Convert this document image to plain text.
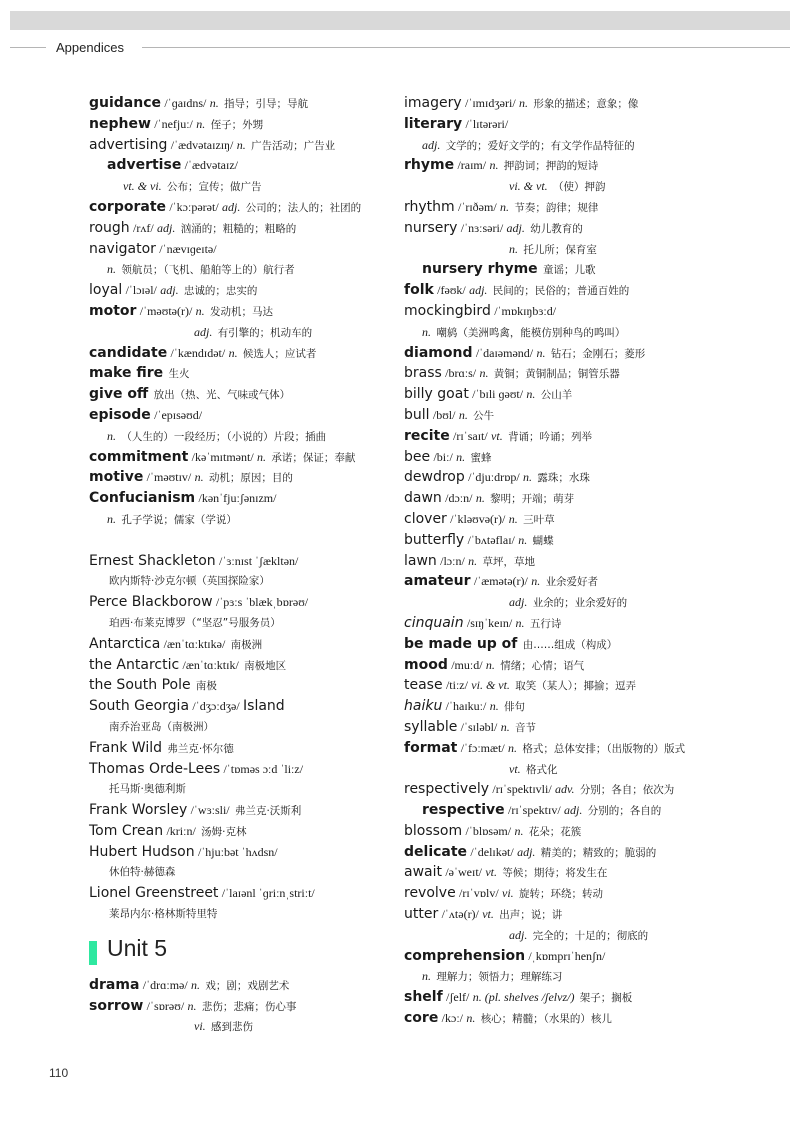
Appendices
guidance /ˈɡaɪdns/ n. 指导；引导；导航
nephew /ˈnefjuː/ n. 侄子；外甥
advertising /ˈædvətaɪzɪŋ/ n. 广告活动；广告业
advertise /ˈædvətaɪz/
vt. & vi. 公布；宣传；做广告
corporate /ˈkɔːpərət/ adj. 公司的；法人的；社团的
rough /rʌf/ adj. 汹涌的；粗糙的；粗略的
navigator /ˈnævɪɡeɪtə/
n. 领航员；（飞机、船舶等上的）航行者
loyal /ˈlɔɪəl/ adj. 忠诚的；忠实的
motor /ˈməʊtə(r)/ n. 发动机；马达
adj. 有引擎的；机动车的
candidate /ˈkændɪdət/ n. 候选人；应试者
make fire 生火
give off 放出（热、光、气味或气体）
episode /ˈepɪsəʊd/
n. （人生的）一段经历；（小说的）片段；插曲
commitment /kəˈmɪtmənt/ n. 承诺；保证；奉献
motive /ˈməʊtɪv/ n. 动机；原因；目的
Confucianism /kənˈfjuːʃənɪzm/
n. 孔子学说；儒家（学说）
Ernest Shackleton /ˈɜːnɪst ˈʃækltən/
欧内斯特·沙克尔顿（英国探险家）
Perce Blackborow /ˈpɜːs ˈblækˌbɒrəʊ/
珀西·布莱克博罗（“坚忍”号服务员）
Antarctica /ænˈtɑːktɪkə/ 南极洲
the Antarctic /ænˈtɑːktɪk/ 南极地区
the South Pole 南极
South Georgia /ˈdʒɔːdʒə/ Island
南乔治亚岛（南极洲）
Frank Wild 弗兰克·怀尔德
Thomas Orde-Lees /ˈtɒməs ɔːd ˈliːz/
托马斯·奥德利斯
Frank Worsley /ˈwɜːsli/ 弗兰克·沃斯利
Tom Crean /kriːn/ 汤姆·克林
Hubert Hudson /ˈhjuːbət ˈhʌdsn/
休伯特·赫德森
Lionel Greenstreet /ˈlaɪənl ˈɡriːnˌstriːt/
莱昂内尔·格林斯特里特
Unit 5
drama /ˈdrɑːmə/ n. 戏；剧；戏剧艺术
sorrow /ˈsɒrəʊ/ n. 悲伤；悲痛；伤心事
vi. 感到悲伤
imagery /ˈɪmɪdʒəri/ n. 形象的描述；意象；像
literary /ˈlɪtərəri/
adj. 文学的；爱好文学的；有文学作品特征的
rhyme /raɪm/ n. 押韵词；押韵的短诗
vi. & vt. （使）押韵
rhythm /ˈrɪðəm/ n. 节奏；韵律；规律
nursery /ˈnɜːsəri/ adj. 幼儿教育的
n. 托儿所；保育室
nursery rhyme 童谣；儿歌
folk /fəʊk/ adj. 民间的；民俗的；普通百姓的
mockingbird /ˈmɒkɪŋbɜːd/
n. 嘲鸫（美洲鸣禽，能模仿别种鸟的鸣叫）
diamond /ˈdaɪəmənd/ n. 钻石；金刚石；菱形
brass /brɑːs/ n. 黄铜；黄铜制品；铜管乐器
billy goat /ˈbɪli ɡəʊt/ n. 公山羊
bull /bʊl/ n. 公牛
recite /rɪˈsaɪt/ vt. 背诵；吟诵；列举
bee /biː/ n. 蜜蜂
dewdrop /ˈdjuːdrɒp/ n. 露珠；水珠
dawn /dɔːn/ n. 黎明；开端；萌芽
clover /ˈkləʊvə(r)/ n. 三叶草
butterfly /ˈbʌtəflaɪ/ n. 蝴蝶
lawn /lɔːn/ n. 草坪，草地
amateur /ˈæmətə(r)/ n. 业余爱好者
adj. 业余的；业余爱好的
cinquain /sɪŋˈkeɪn/ n. 五行诗
be made up of 由……组成（构成）
mood /muːd/ n. 情绪；心情；语气
tease /tiːz/ vi. & vt. 取笑（某人）；揶揄；逗弄
haiku /ˈhaɪkuː/ n. 俳句
syllable /ˈsɪləbl/ n. 音节
format /ˈfɔːmæt/ n. 格式；总体安排；（出版物的）版式
vt. 格式化
respectively /rɪˈspektɪvli/ adv. 分别；各自；依次为
respective /rɪˈspektɪv/ adj. 分别的；各自的
blossom /ˈblɒsəm/ n. 花朵；花簇
delicate /ˈdelɪkət/ adj. 精美的；精致的；脆弱的
await /əˈweɪt/ vt. 等候；期待；将发生在
revolve /rɪˈvɒlv/ vi. 旋转；环绕；转动
utter /ˈʌtə(r)/ vt. 出声；说；讲
adj. 完全的；十足的；彻底的
comprehension /ˌkɒmprɪˈhenʃn/
n. 理解力；领悟力；理解练习
shelf /ʃelf/ n. (pl. shelves /ʃelvz/) 架子；搁板
core /kɔː/ n. 核心；精髓；（水果的）核儿
110
